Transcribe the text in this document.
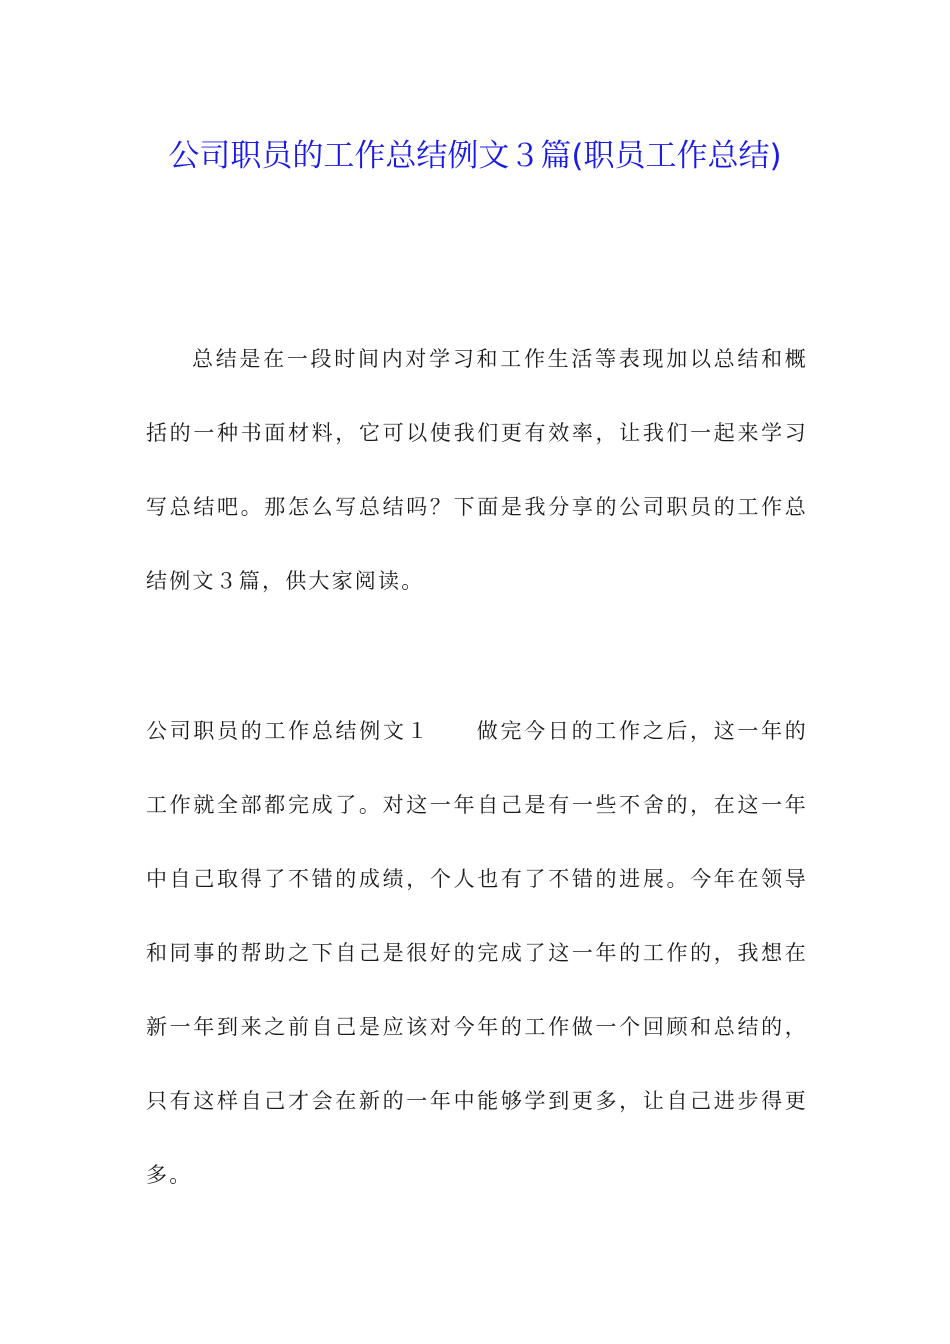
公司职员的工作总结例文３篇(职员工作总结)

总结是在一段时间内对学习和工作生活等表现加以总结和概括的一种书面材料，它可以使我们更有效率，让我们一起来学习写总结吧。那怎么写总结吗？下面是我分享的公司职员的工作总结例文３篇，供大家阅读。

公司职员的工作总结例文１ 做完今日的工作之后，这一年的工作就全部都完成了。对这一年自己是有一些不舍的，在这一年中自己取得了不错的成绩，个人也有了不错的进展。今年在领导和同事的帮助之下自己是很好的完成了这一年的工作的，我想在新一年到来之前自己是应该对今年的工作做一个回顾和总结的，只有这样自己才会在新的一年中能够学到更多，让自己进步得更多。
